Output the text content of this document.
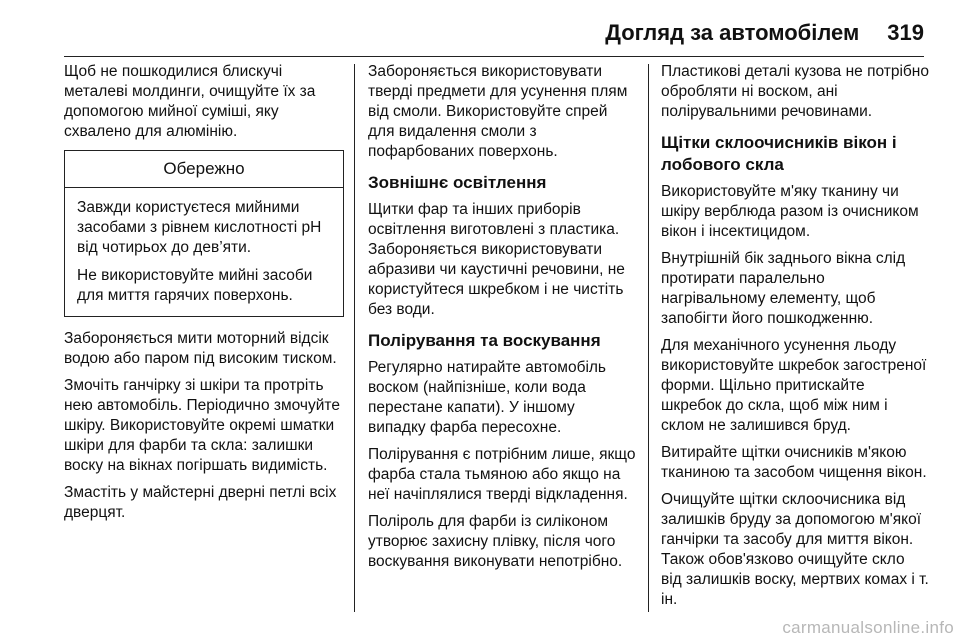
Догляд за автомобілем 319

Щоб не пошкодилися блискучі металеві молдинги, очищуйте їх за допомогою мийної суміші, яку схвалено для алюмінію.

Обережно

Завжди користуєтеся мийними засобами з рівнем кислотності pH від чотирьох до дев’яти.

Не використовуйте мийні засоби для миття гарячих поверхонь.

Забороняється мити моторний відсік водою або паром під високим тиском.

Змочіть ганчірку зі шкіри та протріть нею автомобіль. Періодично змочуйте шкіру. Використовуйте окремі шматки шкіри для фарби та скла: залишки воску на вікнах погіршать видимість.

Змастіть у майстерні дверні петлі всіх дверцят.

Забороняється використовувати тверді предмети для усунення плям від смоли. Використовуйте спрей для видалення смоли з пофарбованих поверхонь.

Зовнішнє освітлення

Щитки фар та інших приборів освітлення виготовлені з пластика. Забороняється використовувати абразиви чи каустичні речовини, не користуйтеся шкребком і не чистіть без води.

Полірування та воскування

Регулярно натирайте автомобіль воском (найпізніше, коли вода перестане капати). У іншому випадку фарба пересохне.

Полірування є потрібним лише, якщо фарба стала тьмяною або якщо на неї начіплялися тверді відкладення.

Поліроль для фарби із силіконом утворює захисну плівку, після чого воскування виконувати непотрібно.

Пластикові деталі кузова не потрібно обробляти ні воском, ані полірувальними речовинами.

Щітки склоочисників вікон і лобового скла

Використовуйте м'яку тканину чи шкіру верблюда разом із очисником вікон і інсектицидом.

Внутрішній бік заднього вікна слід протирати паралельно нагрівальному елементу, щоб запобігти його пошкодженню.

Для механічного усунення льоду використовуйте шкребок загостреної форми. Щільно притискайте шкребок до скла, щоб між ним і склом не залишився бруд.

Витирайте щітки очисників м'якою тканиною та засобом чищення вікон.

Очищуйте щітки склоочисника від залишків бруду за допомогою м'якої ганчірки та засобу для миття вікон. Також обов'язково очищуйте скло від залишків воску, мертвих комах і т. ін.

carmanualsonline.info
